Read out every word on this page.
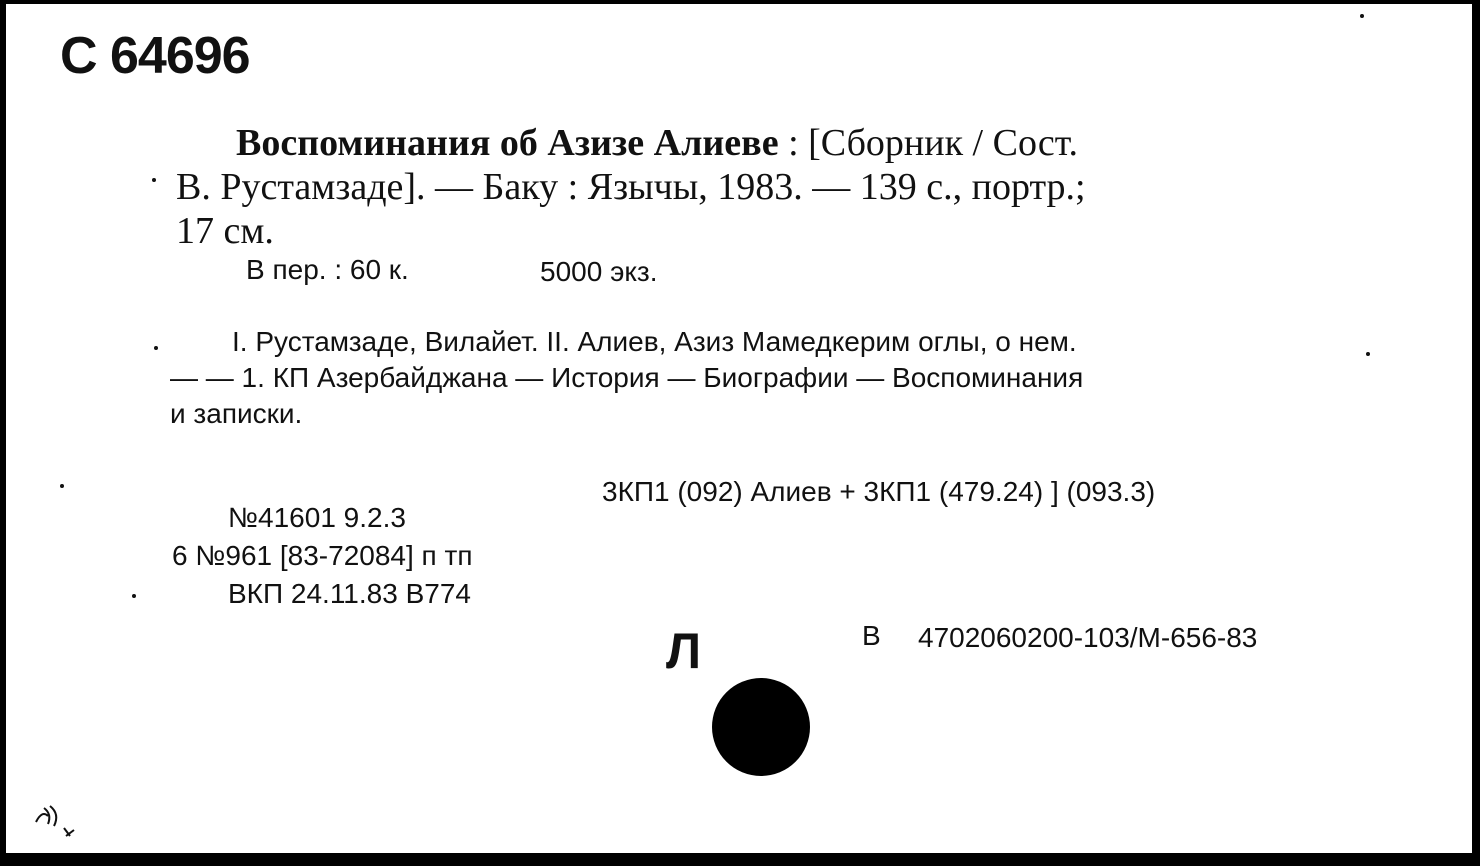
С 64696
Воспоминания об Азизе Алиеве : [Сборник / Сост.
В. Рустамзаде]. — Баку : Язычы, 1983. — 139 с., портр.;
17 см.
В пер. : 60 к.	5000 экз.
I. Рустамзаде, Вилайет. II. Алиев, Азиз Мамедкерим оглы, о нем.
— — 1. КП Азербайджана — История — Биографии — Воспоминания
и записки.
3КП1 (092) Алиев + 3КП1 (479.24) ] (093.3)
№41601 9.2.3
6 №961 [83-72084] п тп
ВКП 24.11.83 В774
Л	В 4702060200-103/М-656-83
